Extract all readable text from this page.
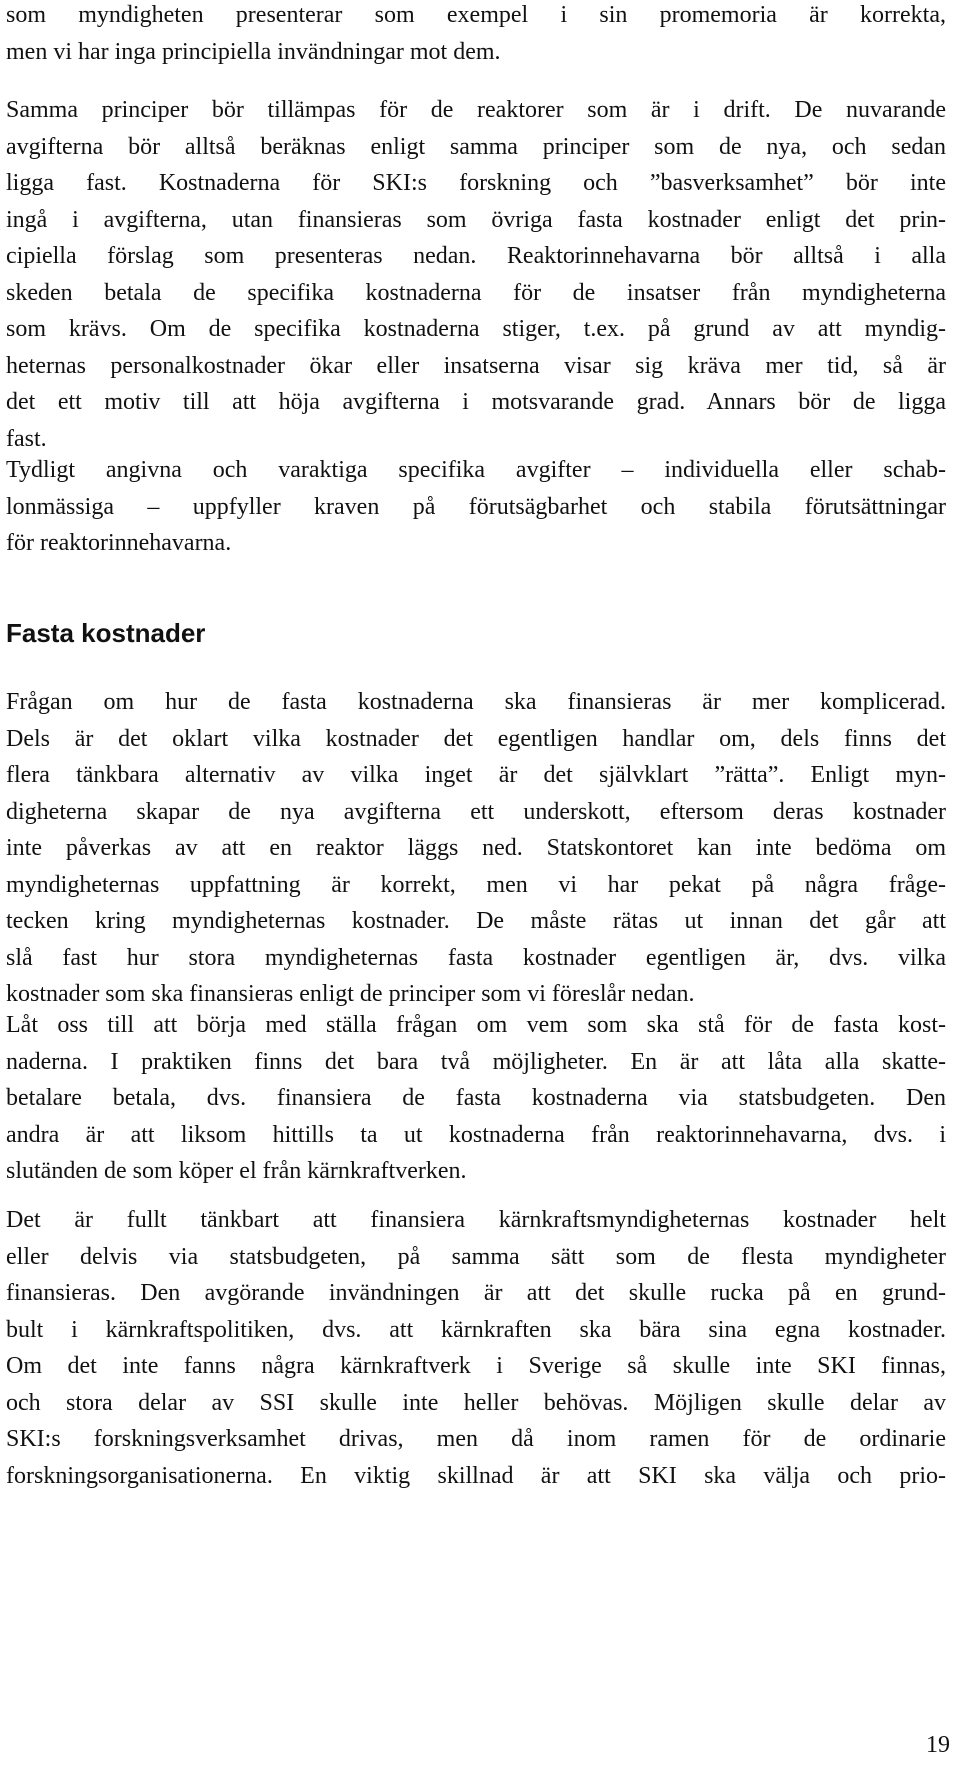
som myndigheten presenterar som exempel i sin promemoria är korrekta,
men vi har inga principiella invändningar mot dem.

Samma principer bör tillämpas för de reaktorer som är i drift. De nuvarande
avgifterna bör alltså beräknas enligt samma principer som de nya, och sedan
ligga fast. Kostnaderna för SKI:s forskning och ”basverksamhet” bör inte
ingå i avgifterna, utan finansieras som övriga fasta kostnader enligt det prin-
cipiella förslag som presenteras nedan. Reaktorinnehavarna bör alltså i alla
skeden betala de specifika kostnaderna för de insatser från myndigheterna
som krävs. Om de specifika kostnaderna stiger, t.ex. på grund av att myndig-
heternas personalkostnader ökar eller insatserna visar sig kräva mer tid, så är
det ett motiv till att höja avgifterna i motsvarande grad. Annars bör de ligga
fast.

Tydligt angivna och varaktiga specifika avgifter – individuella eller schab-
lonmässiga – uppfyller kraven på förutsägbarhet och stabila förutsättningar
för reaktorinnehavarna.

Fasta kostnader

Frågan om hur de fasta kostnaderna ska finansieras är mer komplicerad.
Dels är det oklart vilka kostnader det egentligen handlar om, dels finns det
flera tänkbara alternativ av vilka inget är det självklart ”rätta”. Enligt myn-
digheterna skapar de nya avgifterna ett underskott, eftersom deras kostnader
inte påverkas av att en reaktor läggs ned. Statskontoret kan inte bedöma om
myndigheternas uppfattning är korrekt, men vi har pekat på några fråge-
tecken kring myndigheternas kostnader. De måste rätas ut innan det går att
slå fast hur stora myndigheternas fasta kostnader egentligen är, dvs. vilka
kostnader som ska finansieras enligt de principer som vi föreslår nedan.

Låt oss till att börja med ställa frågan om vem som ska stå för de fasta kost-
naderna. I praktiken finns det bara två möjligheter. En är att låta alla skatte-
betalare betala, dvs. finansiera de fasta kostnaderna via statsbudgeten. Den
andra är att liksom hittills ta ut kostnaderna från reaktorinnehavarna, dvs. i
slutänden de som köper el från kärnkraftverken.

Det är fullt tänkbart att finansiera kärnkraftsmyndigheternas kostnader helt
eller delvis via statsbudgeten, på samma sätt som de flesta myndigheter
finansieras. Den avgörande invändningen är att det skulle rucka på en grund-
bult i kärnkraftspolitiken, dvs. att kärnkraften ska bära sina egna kostnader.
Om det inte fanns några kärnkraftverk i Sverige så skulle inte SKI finnas,
och stora delar av SSI skulle inte heller behövas. Möjligen skulle delar av
SKI:s forskningsverksamhet drivas, men då inom ramen för de ordinarie
forskningsorganisationerna. En viktig skillnad är att SKI ska välja och prio-

19
